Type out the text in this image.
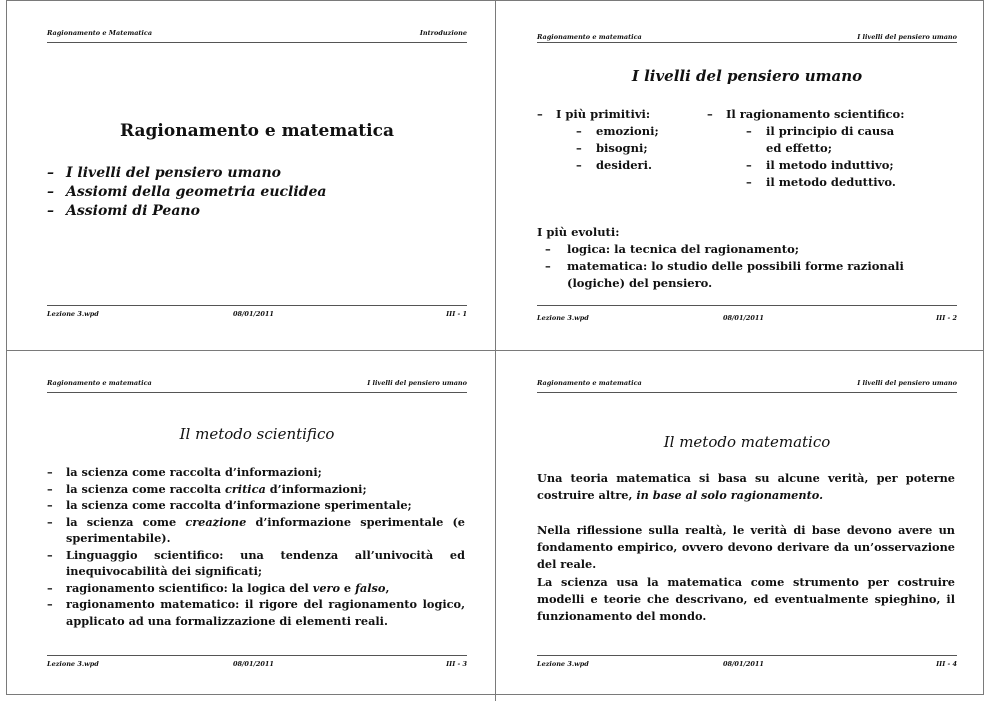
Ragionamento e Matematica	Introduzione
Ragionamento e matematica
– I livelli del pensiero umano
– Assiomi della geometria euclidea
– Assiomi di Peano
Lezione 3.wpd	08/01/2011	III - 1
Ragionamento e matematica	I livelli del pensiero umano
I livelli del pensiero umano
– I più primitivi:
– emozioni;
– bisogni;
– desideri.
– Il ragionamento scientifico:
– il principio di causa ed effetto;
– il metodo induttivo;
– il metodo deduttivo.

I più evoluti:

– logica: la tecnica del ragionamento;
– matematica: lo studio delle possibili forme razionali (logiche) del pensiero.
Lezione 3.wpd	08/01/2011	III - 2
Ragionamento e matematica	I livelli del pensiero umano
Il metodo scientifico
– la scienza come raccolta d’informazioni;
– la scienza come raccolta critica d’informazioni;
– la scienza come raccolta d’informazione sperimentale;
– la scienza come creazione d’informazione sperimentale (e sperimentabile).
– Linguaggio scientifico: una tendenza all’univocità ed inequivocabilità dei significati;
– ragionamento scientifico: la logica del vero e falso,
– ragionamento matematico: il rigore del ragionamento logico, applicato ad una formalizzazione di elementi reali.
Lezione 3.wpd	08/01/2011	III - 3
Ragionamento e matematica	I livelli del pensiero umano
Il metodo matematico

Una teoria matematica si basa su alcune verità, per poterne costruire altre, in base al solo ragionamento.

Nella riflessione sulla realtà, le verità di base devono avere un fondamento empirico, ovvero devono derivare da un’osservazione del reale.

La scienza usa la matematica come strumento per costruire modelli e teorie che descrivano, ed eventualmente spieghino, il funzionamento del mondo.

Lezione 3.wpd	08/01/2011	III - 4
